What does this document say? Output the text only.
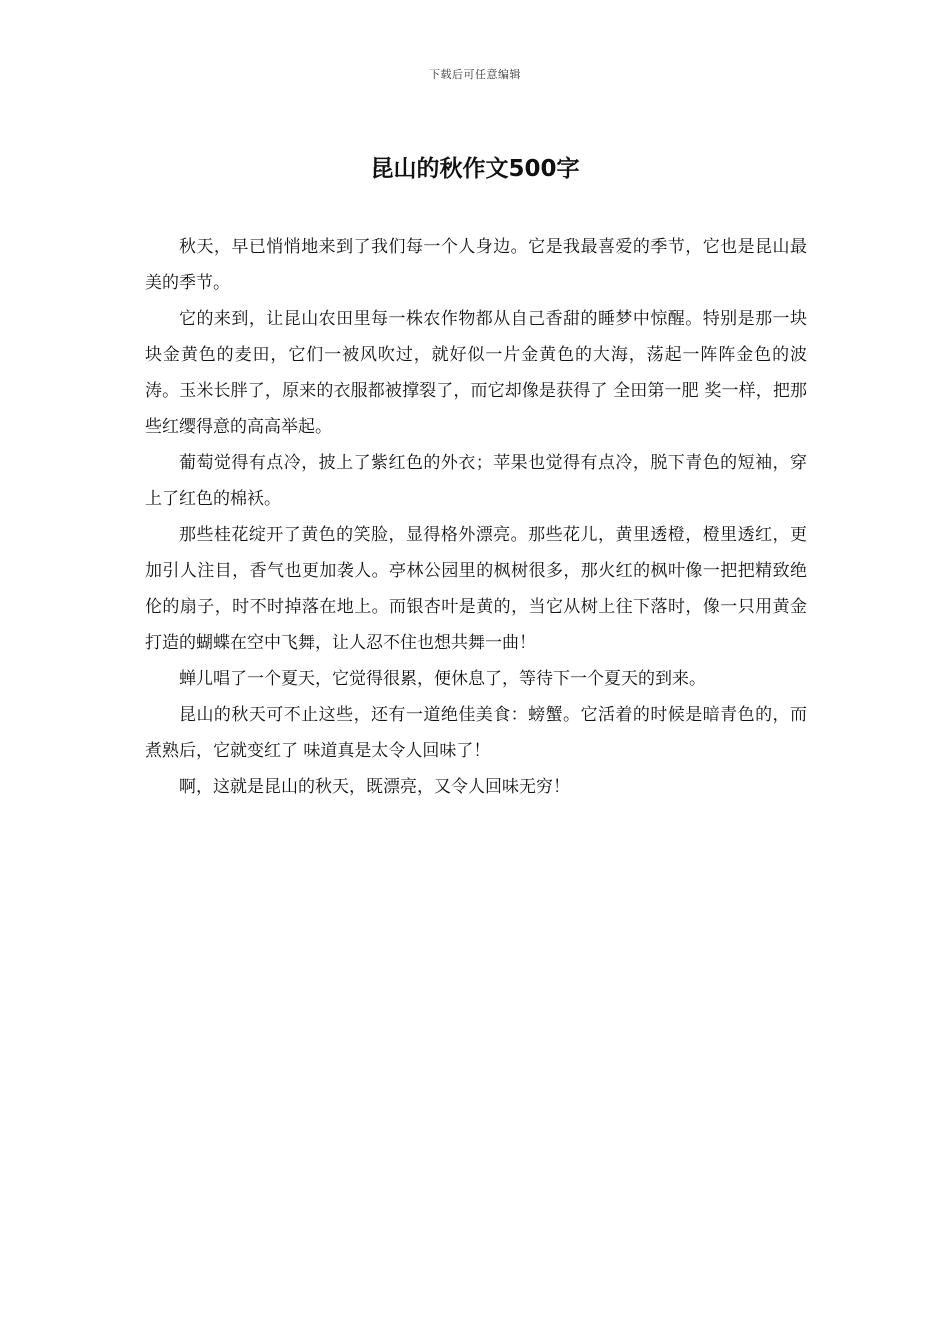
下载后可任意编辑
昆山的秋作文500字

秋天，早已悄悄地来到了我们每一个人身边。它是我最喜爱的季节，它也是昆山最美的季节。

它的来到，让昆山农田里每一株农作物都从自己香甜的睡梦中惊醒。特别是那一块块金黄色的麦田，它们一被风吹过，就好似一片金黄色的大海，荡起一阵阵金色的波涛。玉米长胖了，原来的衣服都被撑裂了，而它却像是获得了 全田第一肥 奖一样，把那些红缨得意的高高举起。

葡萄觉得有点冷，披上了紫红色的外衣；苹果也觉得有点冷，脱下青色的短袖，穿上了红色的棉袄。

那些桂花绽开了黄色的笑脸，显得格外漂亮。那些花儿，黄里透橙，橙里透红，更加引人注目，香气也更加袭人。亭林公园里的枫树很多，那火红的枫叶像一把把精致绝伦的扇子，时不时掉落在地上。而银杏叶是黄的，当它从树上往下落时，像一只用黄金打造的蝴蝶在空中飞舞，让人忍不住也想共舞一曲！

蝉儿唱了一个夏天，它觉得很累，便休息了，等待下一个夏天的到来。

昆山的秋天可不止这些，还有一道绝佳美食：螃蟹。它活着的时候是暗青色的，而煮熟后，它就变红了 味道真是太令人回味了！

啊，这就是昆山的秋天，既漂亮，又令人回味无穷！
